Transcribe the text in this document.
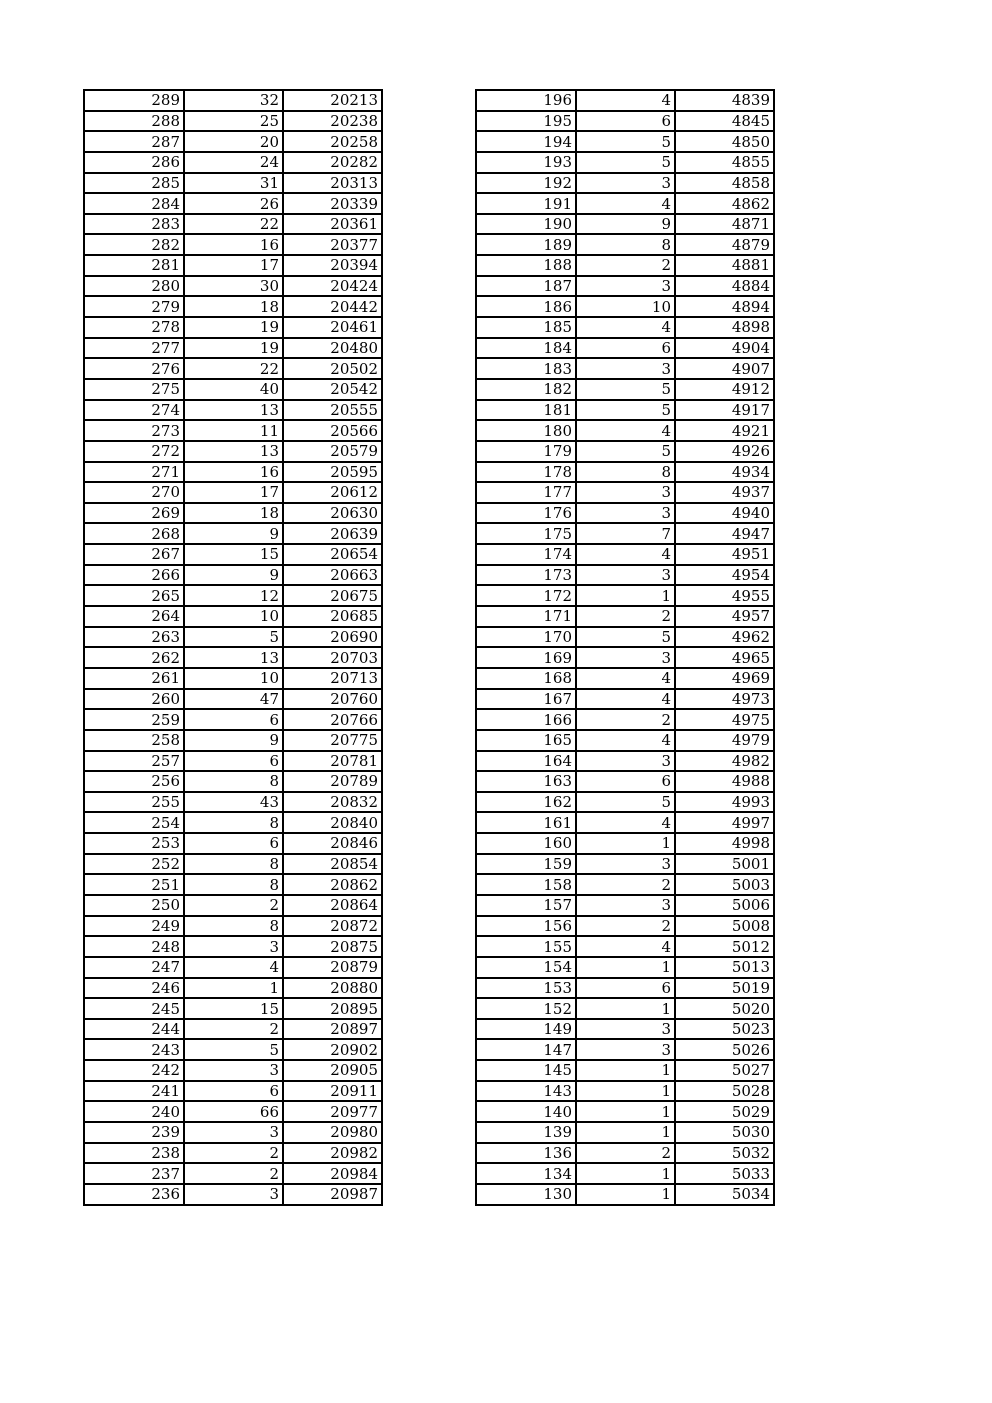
289	32	20213
288	25	20238
287	20	20258
286	24	20282
285	31	20313
284	26	20339
283	22	20361
282	16	20377
281	17	20394
280	30	20424
279	18	20442
278	19	20461
277	19	20480
276	22	20502
275	40	20542
274	13	20555
273	11	20566
272	13	20579
271	16	20595
270	17	20612
269	18	20630
268	9	20639
267	15	20654
266	9	20663
265	12	20675
264	10	20685
263	5	20690
262	13	20703
261	10	20713
260	47	20760
259	6	20766
258	9	20775
257	6	20781
256	8	20789
255	43	20832
254	8	20840
253	6	20846
252	8	20854
251	8	20862
250	2	20864
249	8	20872
248	3	20875
247	4	20879
246	1	20880
245	15	20895
244	2	20897
243	5	20902
242	3	20905
241	6	20911
240	66	20977
239	3	20980
238	2	20982
237	2	20984
236	3	20987
196	4	4839
195	6	4845
194	5	4850
193	5	4855
192	3	4858
191	4	4862
190	9	4871
189	8	4879
188	2	4881
187	3	4884
186	10	4894
185	4	4898
184	6	4904
183	3	4907
182	5	4912
181	5	4917
180	4	4921
179	5	4926
178	8	4934
177	3	4937
176	3	4940
175	7	4947
174	4	4951
173	3	4954
172	1	4955
171	2	4957
170	5	4962
169	3	4965
168	4	4969
167	4	4973
166	2	4975
165	4	4979
164	3	4982
163	6	4988
162	5	4993
161	4	4997
160	1	4998
159	3	5001
158	2	5003
157	3	5006
156	2	5008
155	4	5012
154	1	5013
153	6	5019
152	1	5020
149	3	5023
147	3	5026
145	1	5027
143	1	5028
140	1	5029
139	1	5030
136	2	5032
134	1	5033
130	1	5034
